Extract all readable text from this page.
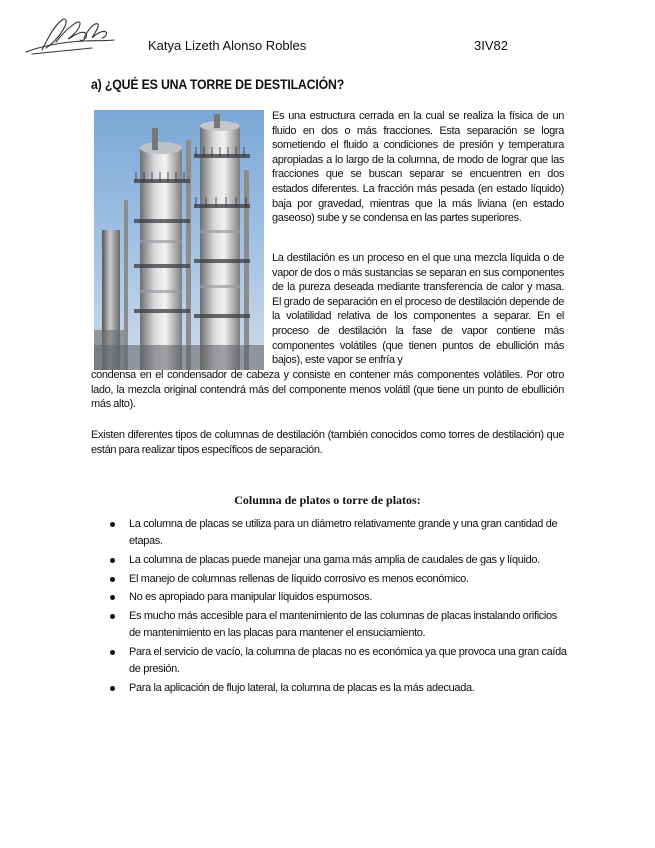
Katya Lizeth Alonso Robles	3IV82
a) ¿QUÉ ES UNA TORRE DE DESTILACIÓN?
Es una estructura cerrada en la cual se realiza la física de un fluido en dos o más fracciones. Esta separación se logra sometiendo el fluido a condiciones de presión y temperatura apropiadas a lo largo de la columna, de modo de lograr que las fracciones que se buscan separar se encuentren en dos estados diferentes. La fracción más pesada (en estado líquido) baja por gravedad, mientras que la más liviana (en estado gaseoso) sube y se condensa en las partes superiores.
La destilación es un proceso en el que una mezcla líquida o de vapor de dos o más sustancias se separan en sus componentes de la pureza deseada mediante transferencia de calor y masa. El grado de separación en el proceso de destilación depende de la volatilidad relativa de los componentes a separar. En el proceso de destilación la fase de vapor contiene más componentes volátiles (que tienen puntos de ebullición más bajos), este vapor se enfría y
condensa en el condensador de cabeza y consiste en contener más componentes volátiles. Por otro lado, la mezcla original contendrá más del componente menos volátil (que tiene un punto de ebullición más alto).
Existen diferentes tipos de columnas de destilación (también conocidos como torres de destilación) que están para realizar tipos específicos de separación.
Columna de platos o torre de platos:
La columna de placas se utiliza para un diámetro relativamente grande y una gran cantidad de etapas.
La columna de placas puede manejar una gama más amplia de caudales de gas y líquido.
El manejo de columnas rellenas de líquido corrosivo es menos económico.
No es apropiado para manipular líquidos espumosos.
Es mucho más accesible para el mantenimiento de las columnas de placas instalando orificios de mantenimiento en las placas para mantener el ensuciamiento.
Para el servicio de vacío, la columna de placas no es económica ya que provoca una gran caída de presión.
Para la aplicación de flujo lateral, la columna de placas es la más adecuada.
